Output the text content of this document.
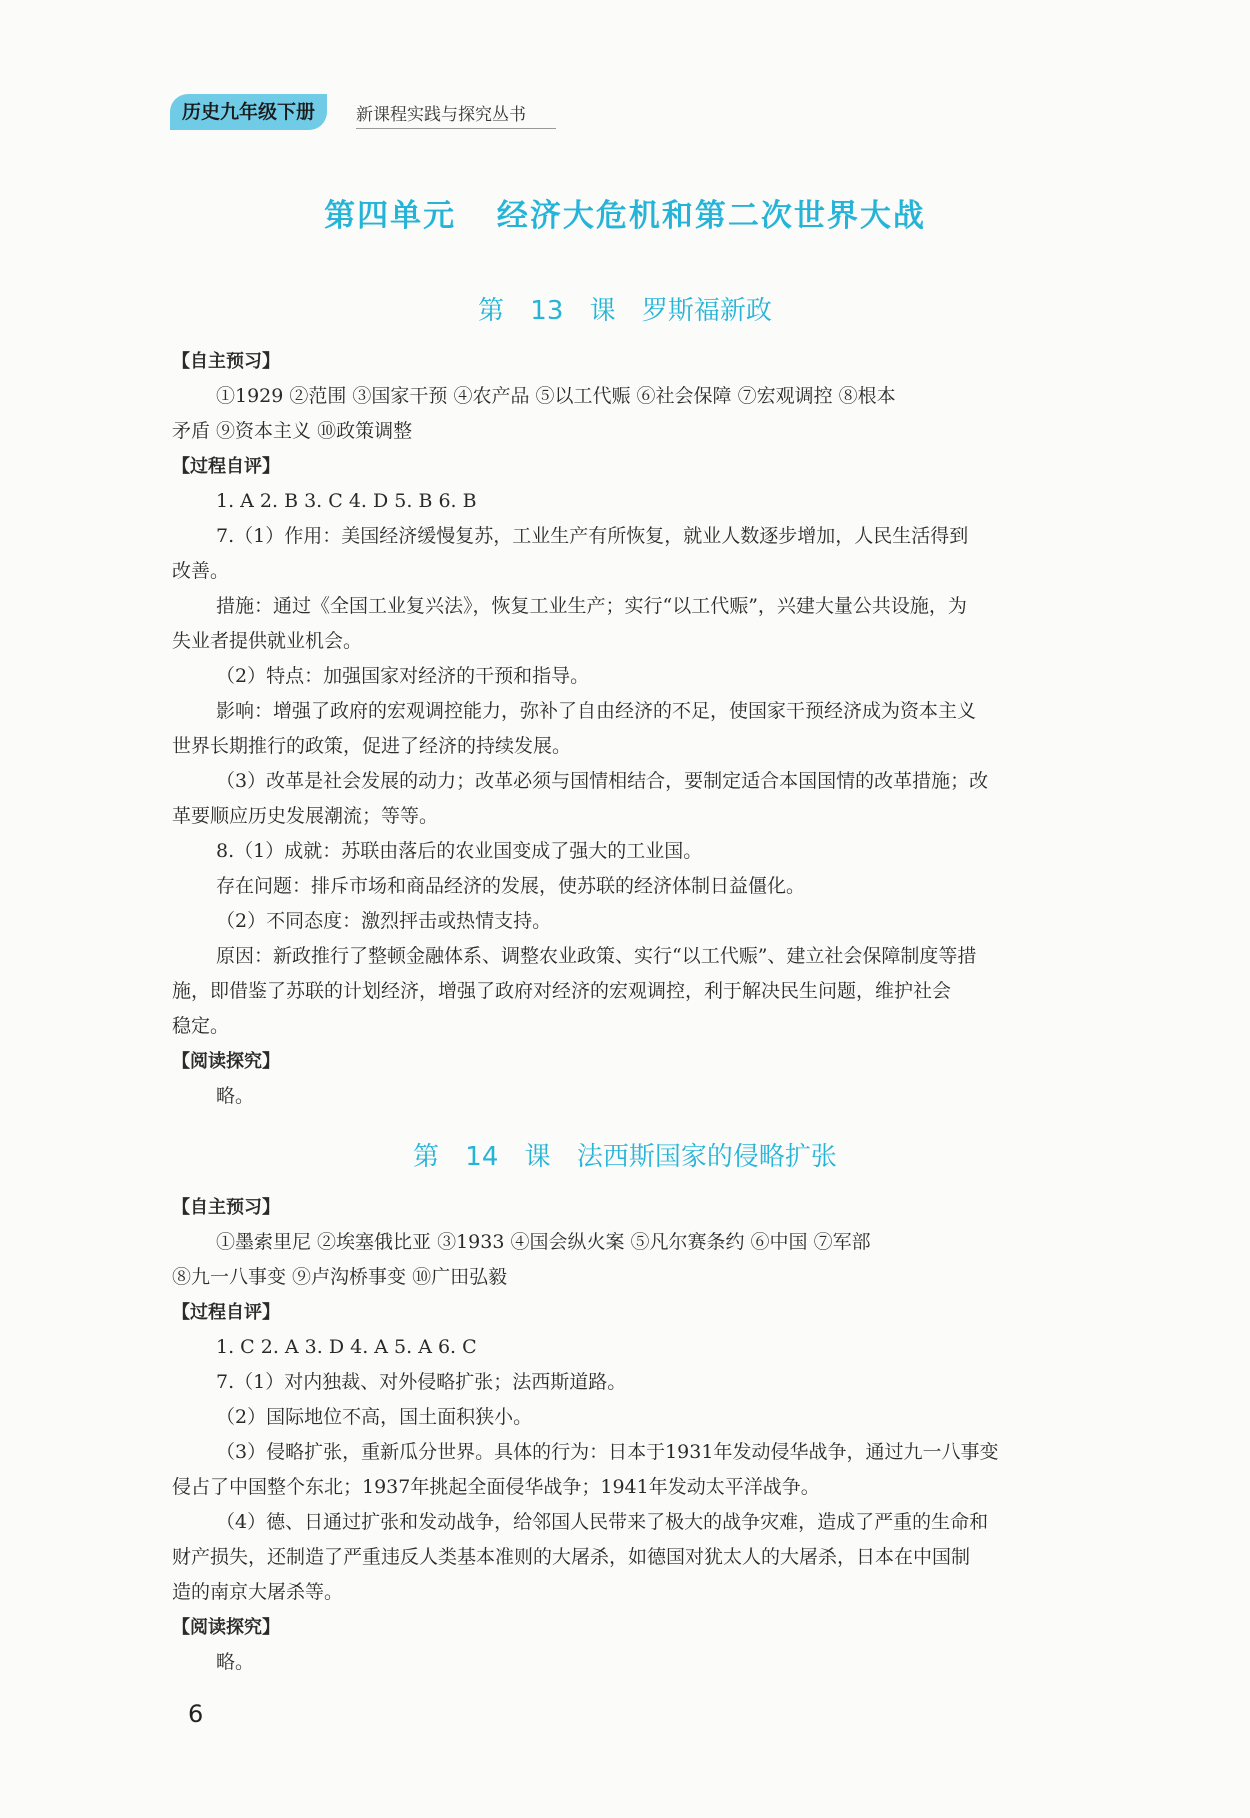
历史九年级下册	新课程实践与探究丛书
第四单元 经济大危机和第二次世界大战
第 13 课 罗斯福新政

【自主预习】

①1929 ②范围 ③国家干预 ④农产品 ⑤以工代赈 ⑥社会保障 ⑦宏观调控 ⑧根本

矛盾 ⑨资本主义 ⑩政策调整

【过程自评】

1. A 2. B 3. C 4. D 5. B 6. B

7.（1）作用：美国经济缓慢复苏，工业生产有所恢复，就业人数逐步增加，人民生活得到

改善。

措施：通过《全国工业复兴法》，恢复工业生产；实行“以工代赈”，兴建大量公共设施，为

失业者提供就业机会。

（2）特点：加强国家对经济的干预和指导。

影响：增强了政府的宏观调控能力，弥补了自由经济的不足，使国家干预经济成为资本主义

世界长期推行的政策，促进了经济的持续发展。

（3）改革是社会发展的动力；改革必须与国情相结合，要制定适合本国国情的改革措施；改

革要顺应历史发展潮流；等等。

8.（1）成就：苏联由落后的农业国变成了强大的工业国。

存在问题：排斥市场和商品经济的发展，使苏联的经济体制日益僵化。

（2）不同态度：激烈抨击或热情支持。

原因：新政推行了整顿金融体系、调整农业政策、实行“以工代赈”、建立社会保障制度等措

施，即借鉴了苏联的计划经济，增强了政府对经济的宏观调控，利于解决民生问题，维护社会

稳定。

【阅读探究】

略。

第 14 课 法西斯国家的侵略扩张

【自主预习】

①墨索里尼 ②埃塞俄比亚 ③1933 ④国会纵火案 ⑤凡尔赛条约 ⑥中国 ⑦军部

⑧九一八事变 ⑨卢沟桥事变 ⑩广田弘毅

【过程自评】

1. C 2. A 3. D 4. A 5. A 6. C

7.（1）对内独裁、对外侵略扩张；法西斯道路。

（2）国际地位不高，国土面积狭小。

（3）侵略扩张，重新瓜分世界。具体的行为：日本于1931年发动侵华战争，通过九一八事变

侵占了中国整个东北；1937年挑起全面侵华战争；1941年发动太平洋战争。

（4）德、日通过扩张和发动战争，给邻国人民带来了极大的战争灾难，造成了严重的生命和

财产损失，还制造了严重违反人类基本准则的大屠杀，如德国对犹太人的大屠杀，日本在中国制

造的南京大屠杀等。

【阅读探究】

略。

6
